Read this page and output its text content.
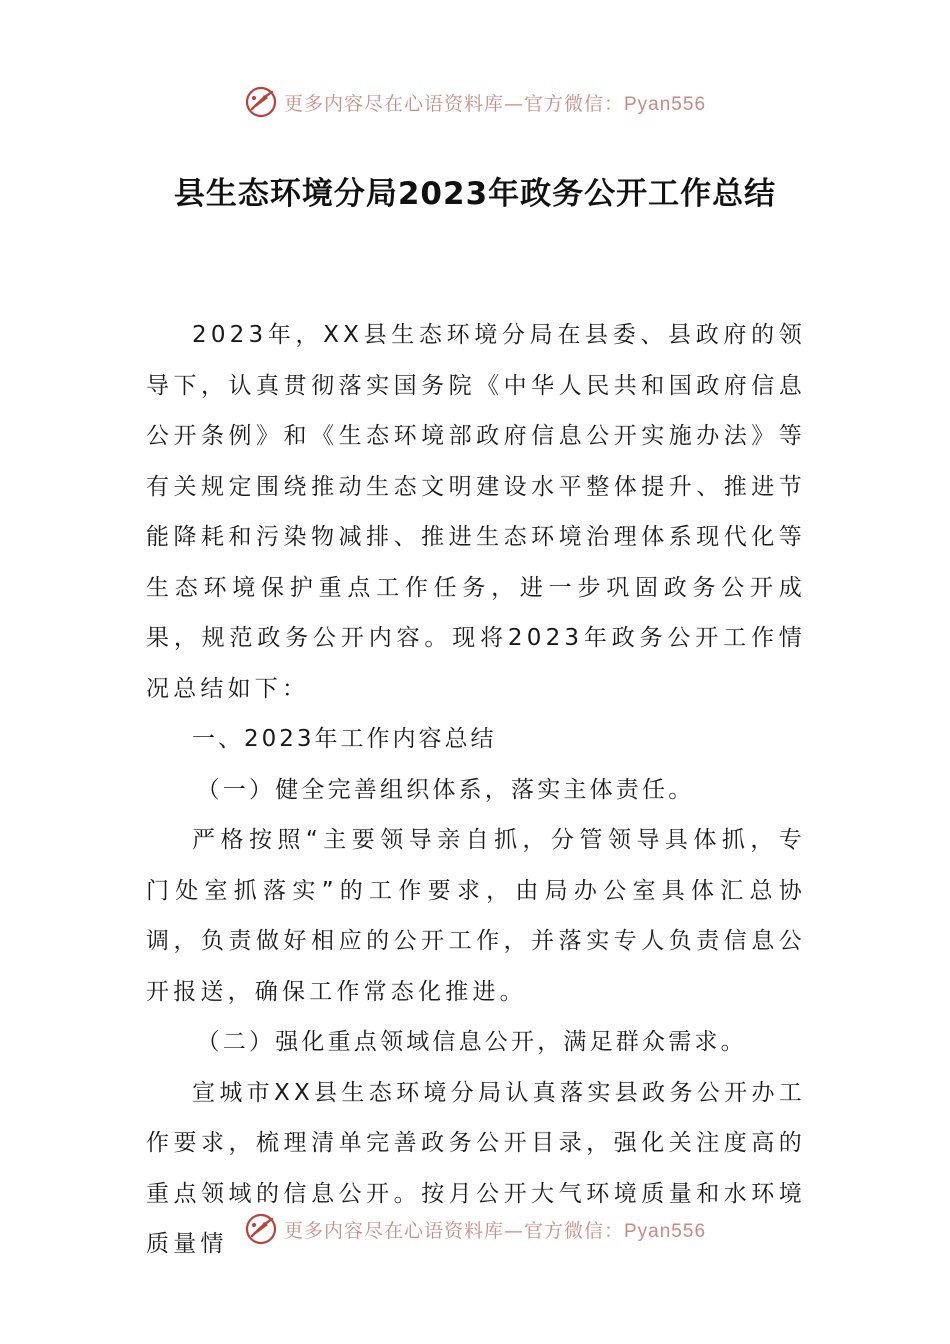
更多内容尽在心语资料库—官方微信：Pyan556
县生态环境分局2023年政务公开工作总结

2023年，XX县生态环境分局在县委、县政府的领导下，认真贯彻落实国务院《中华人民共和国政府信息公开条例》和《生态环境部政府信息公开实施办法》等有关规定围绕推动生态文明建设水平整体提升、推进节能降耗和污染物减排、推进生态环境治理体系现代化等生态环境保护重点工作任务，进一步巩固政务公开成果，规范政务公开内容。现将2023年政务公开工作情况总结如下：

一、2023年工作内容总结

（一）健全完善组织体系，落实主体责任。

严格按照“主要领导亲自抓，分管领导具体抓，专门处室抓落实”的工作要求，由局办公室具体汇总协调，负责做好相应的公开工作，并落实专人负责信息公开报送，确保工作常态化推进。

（二）强化重点领域信息公开，满足群众需求。

宣城市XX县生态环境分局认真落实县政务公开办工作要求，梳理清单完善政务公开目录，强化关注度高的重点领域的信息公开。按月公开大气环境质量和水环境质量情

更多内容尽在心语资料库—官方微信：Pyan556
